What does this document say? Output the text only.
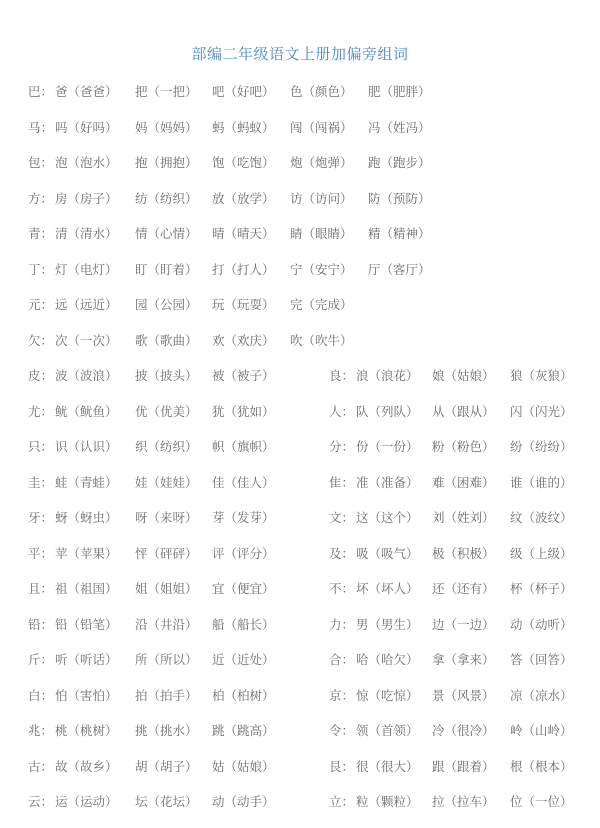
部编二年级语文上册加偏旁组词
巴： 爸（爸爸） 把（一把） 吧（好吧） 色（颜色） 肥（肥胖）
马： 吗（好吗） 妈（妈妈） 蚂（蚂蚁） 闯（闯祸） 冯（姓冯）
包： 泡（泡水） 抱（拥抱） 饱（吃饱） 炮（炮弹） 跑（跑步）
方： 房（房子） 纺（纺织） 放（放学） 访（访问） 防（预防）
青： 清（清水） 情（心情） 晴（晴天） 睛（眼睛） 精（精神）
丁： 灯（电灯） 盯（盯着） 打（打人） 宁（安宁） 厅（客厅）
元： 远（远近） 园（公园） 玩（玩耍） 完（完成）
欠： 次（一次） 歌（歌曲） 欢（欢庆） 吹（吹牛）
皮： 波（波浪） 披（披头） 被（被子）	良： 浪（浪花） 娘（姑娘） 狼（灰狼）
尤： 鱿（鱿鱼） 优（优美） 犹（犹如）	人： 队（列队） 从（跟从） 闪（闪光）
只： 识（认识） 织（纺织） 帜（旗帜）	分： 份（一份） 粉（粉色） 纷（纷纷）
圭： 蛙（青蛙） 娃（娃娃） 佳（佳人）	隹： 准（准备） 难（困难） 谁（谁的）
牙： 蚜（蚜虫） 呀（来呀） 芽（发芽）	文： 这（这个） 刘（姓刘） 纹（波纹）
平： 苹（苹果） 怦（砰砰） 评（评分）	及： 吸（吸气） 极（积极） 级（上级）
且： 祖（祖国） 姐（姐姐） 宜（便宜）	不： 坏（坏人） 还（还有） 杯（杯子）
铅： 铅（铅笔） 沿（井沿） 船（船长）	力： 男（男生） 边（一边） 动（动听）
斤： 听（听话） 所（所以） 近（近处）	合： 哈（哈欠） 拿（拿来） 答（回答）
白： 怕（害怕） 拍（拍手） 柏（柏树）	京： 惊（吃惊） 景（风景） 凉（凉水）
兆： 桃（桃树） 挑（挑水） 跳（跳高）	令： 领（首领） 冷（很冷） 岭（山岭）
古： 故（故乡） 胡（胡子） 姑（姑娘）	艮： 很（很大） 跟（跟着） 根（根本）
云： 运（运动） 坛（花坛） 动（动手）	立： 粒（颗粒） 拉（拉车） 位（一位）
